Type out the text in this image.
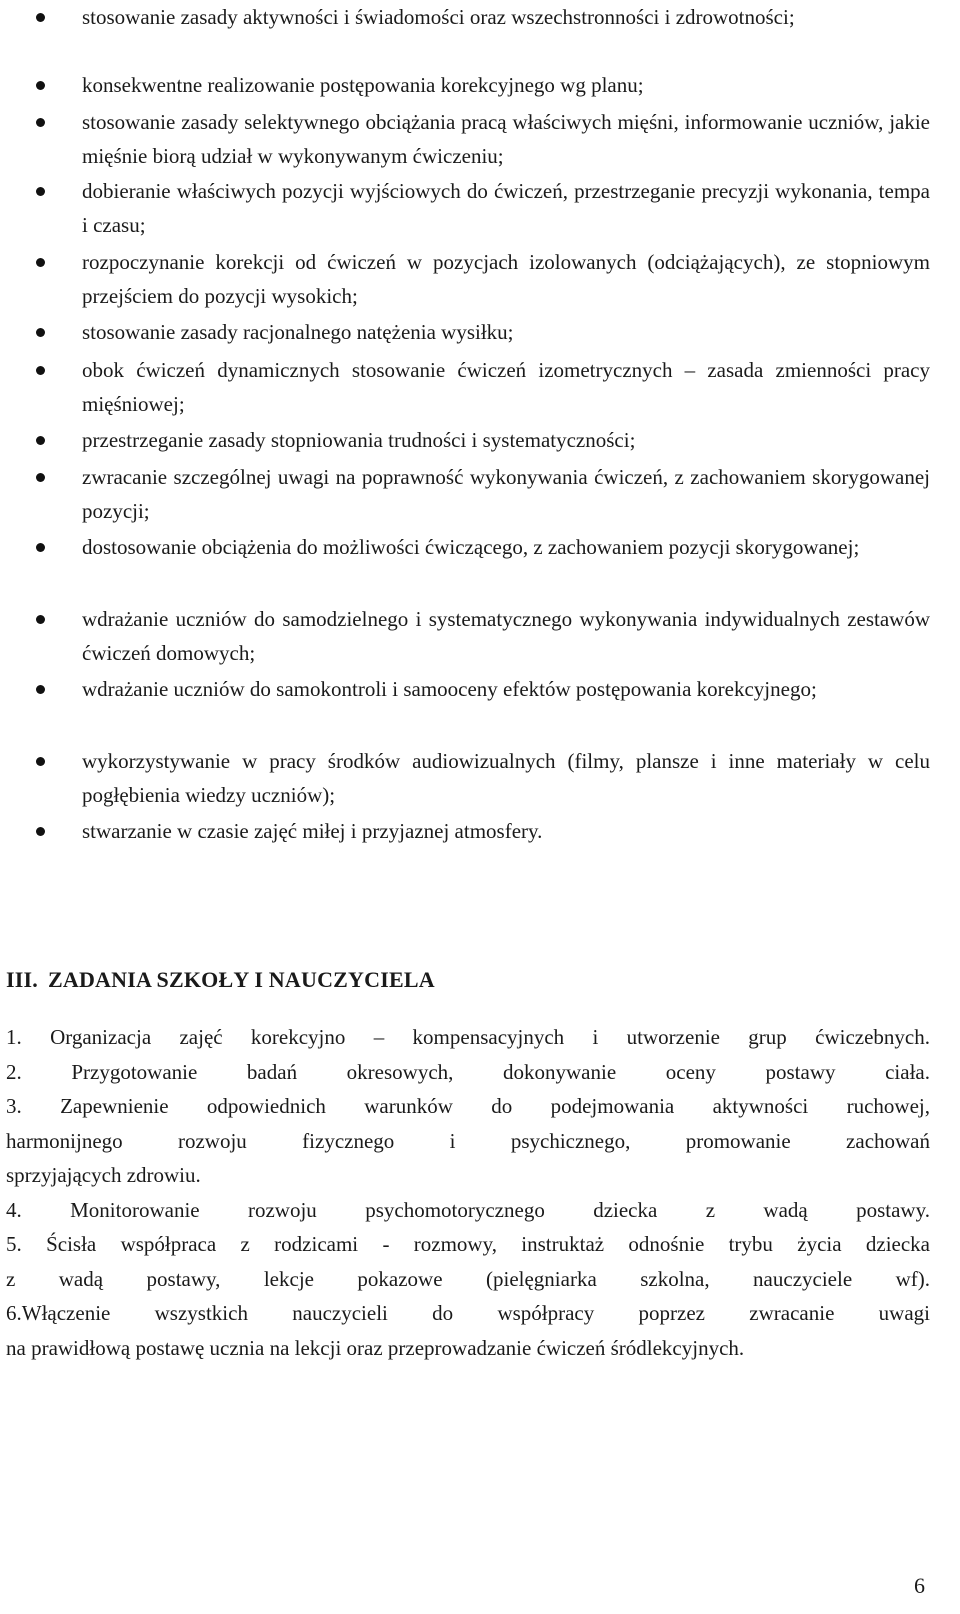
stosowanie zasady aktywności i świadomości oraz wszechstronności i zdrowotności;
konsekwentne realizowanie postępowania korekcyjnego wg planu;
stosowanie zasady selektywnego obciążania pracą właściwych mięśni, informowanie uczniów, jakie mięśnie biorą udział w wykonywanym ćwiczeniu;
dobieranie właściwych pozycji wyjściowych do ćwiczeń, przestrzeganie precyzji wykonania, tempa i czasu;
rozpoczynanie korekcji od ćwiczeń w pozycjach izolowanych (odciążających), ze stopniowym przejściem do pozycji wysokich;
stosowanie zasady racjonalnego natężenia wysiłku;
obok ćwiczeń dynamicznych stosowanie ćwiczeń izometrycznych – zasada zmienności pracy mięśniowej;
przestrzeganie zasady stopniowania trudności i systematyczności;
zwracanie szczególnej uwagi na poprawność wykonywania ćwiczeń, z zachowaniem skorygowanej pozycji;
dostosowanie obciążenia do możliwości ćwiczącego, z zachowaniem pozycji skorygowanej;
wdrażanie uczniów do samodzielnego i systematycznego wykonywania indywidualnych zestawów ćwiczeń domowych;
wdrażanie uczniów do samokontroli i samooceny efektów postępowania korekcyjnego;
wykorzystywanie w pracy środków audiowizualnych (filmy, plansze i inne materiały w celu pogłębienia wiedzy uczniów);
stwarzanie w czasie zajęć miłej i przyjaznej atmosfery.
III. ZADANIA SZKOŁY I NAUCZYCIELA
1. Organizacja zajęć korekcyjno – kompensacyjnych i utworzenie grup ćwiczebnych.
2. Przygotowanie badań okresowych, dokonywanie oceny postawy ciała.
3. Zapewnienie odpowiednich warunków do podejmowania aktywności ruchowej,
harmonijnego rozwoju fizycznego i psychicznego, promowanie zachowań
sprzyjających zdrowiu.
4. Monitorowanie rozwoju psychomotorycznego dziecka z wadą postawy.
5. Ścisła współpraca z rodzicami - rozmowy, instruktaż odnośnie trybu życia dziecka
z wadą postawy, lekcje pokazowe (pielęgniarka szkolna, nauczyciele wf).
6.Włączenie wszystkich nauczycieli do współpracy poprzez zwracanie uwagi
na prawidłową postawę ucznia na lekcji oraz przeprowadzanie ćwiczeń śródlekcyjnych.
6
